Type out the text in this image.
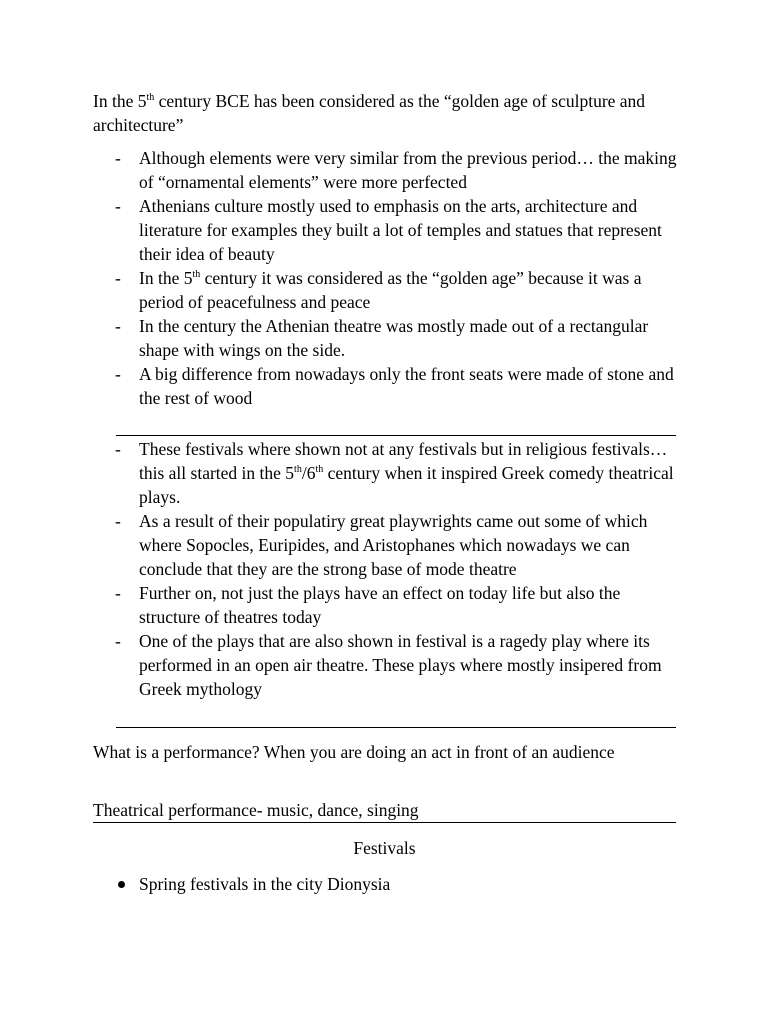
In the 5th century BCE has been considered as the “golden age of sculpture and architecture”

- Although elements were very similar from the previous period… the making of “ornamental elements” were more perfected
- Athenians culture mostly used to emphasis on the arts, architecture and literature for examples they built a lot of temples and statues that represent their idea of beauty
- In the 5th century it was considered as the “golden age” because it was a period of peacefulness and peace
- In the century the Athenian theatre was mostly made out of a rectangular shape with wings on the side.
- A big difference from nowadays only the front seats were made of stone and the rest of wood
- These festivals where shown not at any festivals but in religious festivals… this all started in the 5th/6th century when it inspired Greek comedy theatrical plays.
- As a result of their populatiry great playwrights came out some of which where Sopocles, Euripides, and Aristophanes which nowadays we can conclude that they are the strong base of mode theatre
- Further on, not just the plays have an effect on today life but also the structure of theatres today
- One of the plays that are also shown in festival is a ragedy play where its performed in an open air theatre. These plays where mostly insipered from Greek mythology

What is a performance? When you are doing an act in front of an audience

Theatrical performance- music, dance, singing

Festivals
Spring festivals in the city Dionysia
